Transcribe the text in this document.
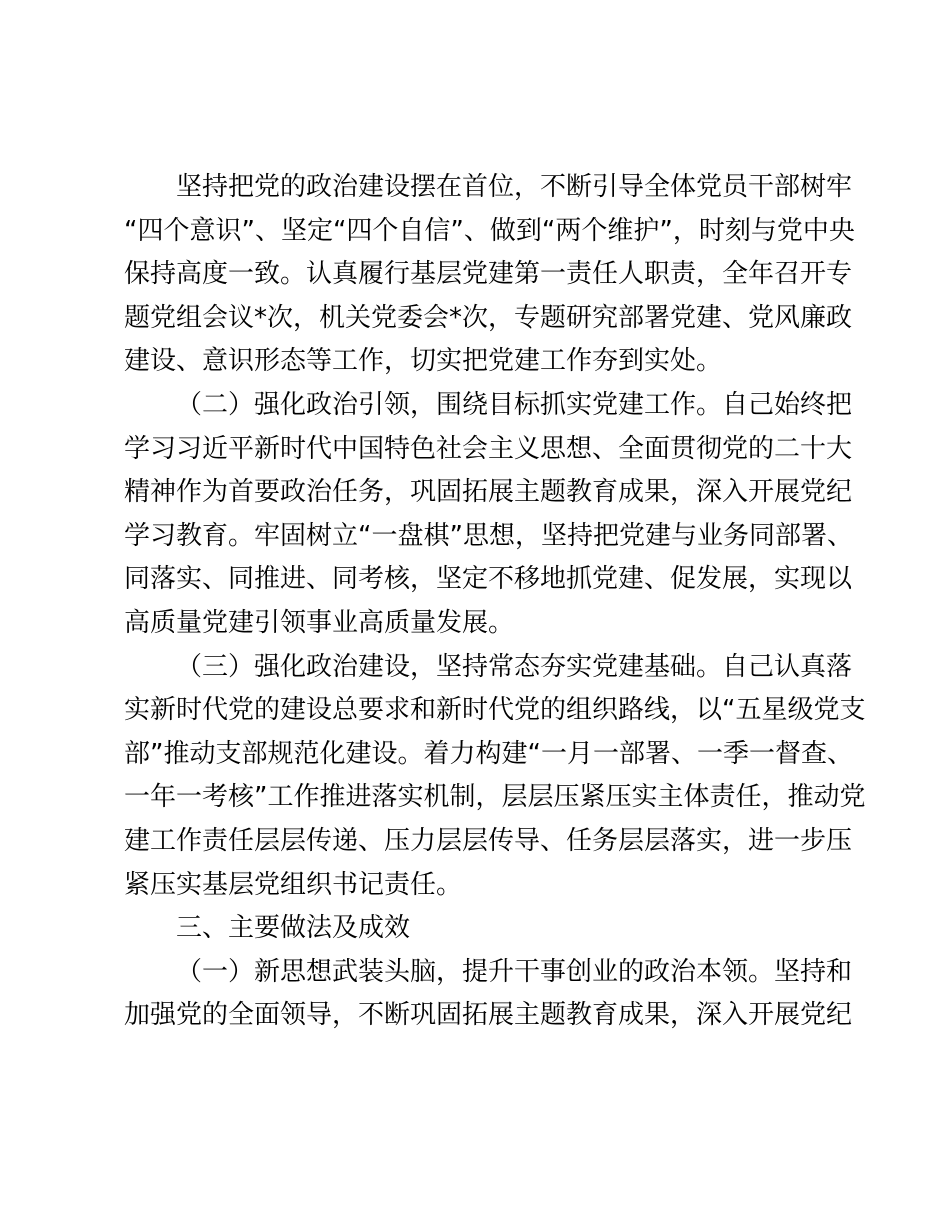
坚持把党的政治建设摆在首位，不断引导全体党员干部树牢
“四个意识”、坚定“四个自信”、做到“两个维护”，时刻与党中央
保持高度一致。认真履行基层党建第一责任人职责，全年召开专
题党组会议*次，机关党委会*次，专题研究部署党建、党风廉政
建设、意识形态等工作，切实把党建工作夯到实处。
（二）强化政治引领，围绕目标抓实党建工作。自己始终把
学习习近平新时代中国特色社会主义思想、全面贯彻党的二十大
精神作为首要政治任务，巩固拓展主题教育成果，深入开展党纪
学习教育。牢固树立“一盘棋”思想，坚持把党建与业务同部署、
同落实、同推进、同考核，坚定不移地抓党建、促发展，实现以
高质量党建引领事业高质量发展。
（三）强化政治建设，坚持常态夯实党建基础。自己认真落
实新时代党的建设总要求和新时代党的组织路线，以“五星级党支
部”推动支部规范化建设。着力构建“一月一部署、一季一督查、
一年一考核”工作推进落实机制，层层压紧压实主体责任，推动党
建工作责任层层传递、压力层层传导、任务层层落实，进一步压
紧压实基层党组织书记责任。
三、主要做法及成效
（一）新思想武装头脑，提升干事创业的政治本领。坚持和
加强党的全面领导，不断巩固拓展主题教育成果，深入开展党纪
